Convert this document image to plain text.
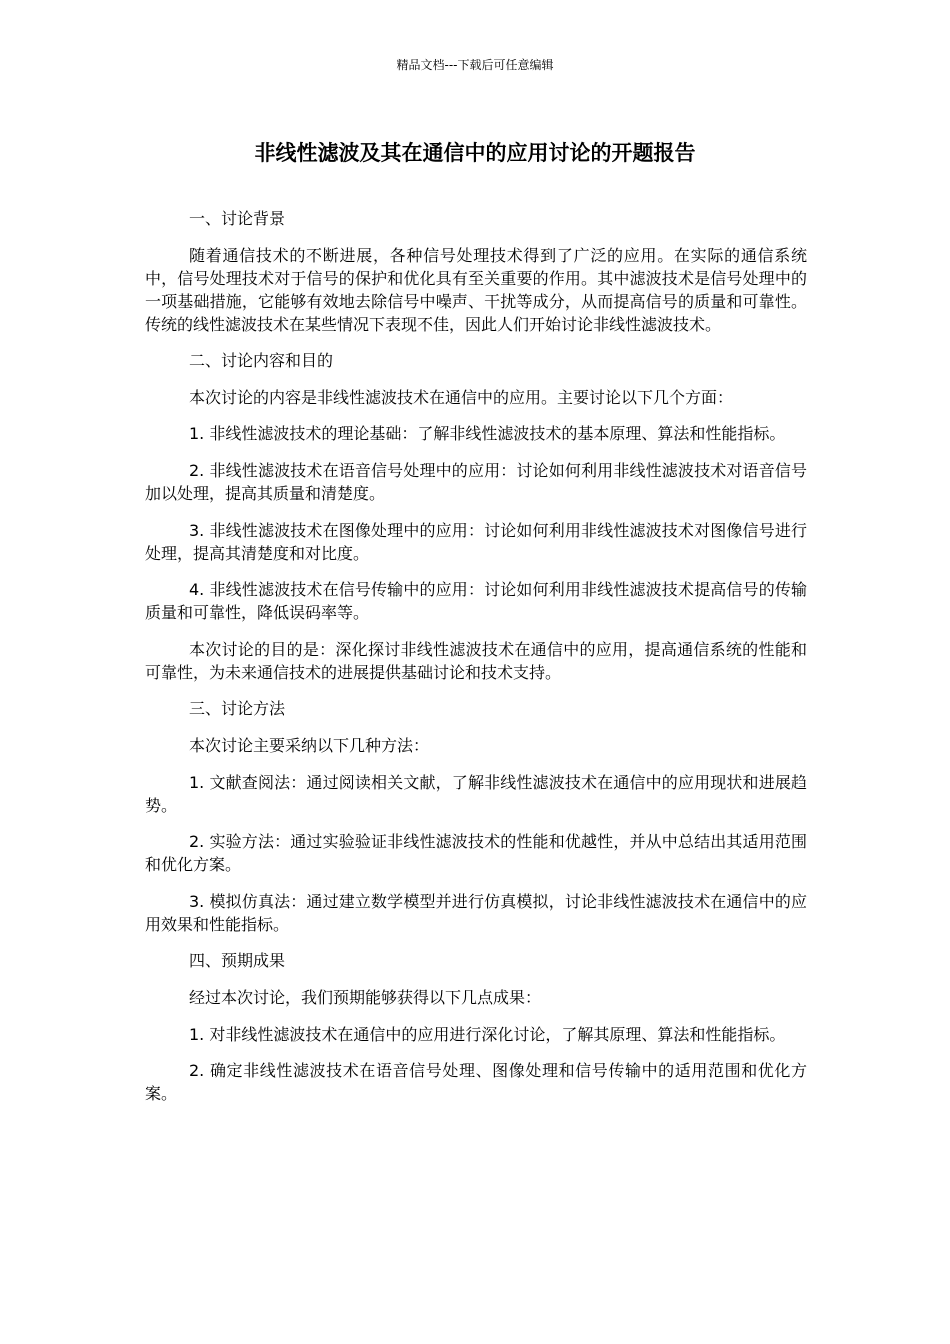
精品文档---下载后可任意编辑
非线性滤波及其在通信中的应用讨论的开题报告

一、讨论背景

随着通信技术的不断进展，各种信号处理技术得到了广泛的应用。在实际的通信系统中，信号处理技术对于信号的保护和优化具有至关重要的作用。其中滤波技术是信号处理中的一项基础措施，它能够有效地去除信号中噪声、干扰等成分，从而提高信号的质量和可靠性。传统的线性滤波技术在某些情况下表现不佳，因此人们开始讨论非线性滤波技术。

二、讨论内容和目的

本次讨论的内容是非线性滤波技术在通信中的应用。主要讨论以下几个方面：

1. 非线性滤波技术的理论基础：了解非线性滤波技术的基本原理、算法和性能指标。

2. 非线性滤波技术在语音信号处理中的应用：讨论如何利用非线性滤波技术对语音信号加以处理，提高其质量和清楚度。

3. 非线性滤波技术在图像处理中的应用：讨论如何利用非线性滤波技术对图像信号进行处理，提高其清楚度和对比度。

4. 非线性滤波技术在信号传输中的应用：讨论如何利用非线性滤波技术提高信号的传输质量和可靠性，降低误码率等。

本次讨论的目的是：深化探讨非线性滤波技术在通信中的应用，提高通信系统的性能和可靠性，为未来通信技术的进展提供基础讨论和技术支持。

三、讨论方法

本次讨论主要采纳以下几种方法：

1. 文献查阅法：通过阅读相关文献，了解非线性滤波技术在通信中的应用现状和进展趋势。

2. 实验方法：通过实验验证非线性滤波技术的性能和优越性，并从中总结出其适用范围和优化方案。

3. 模拟仿真法：通过建立数学模型并进行仿真模拟，讨论非线性滤波技术在通信中的应用效果和性能指标。

四、预期成果

经过本次讨论，我们预期能够获得以下几点成果：

1. 对非线性滤波技术在通信中的应用进行深化讨论，了解其原理、算法和性能指标。

2. 确定非线性滤波技术在语音信号处理、图像处理和信号传输中的适用范围和优化方案。
